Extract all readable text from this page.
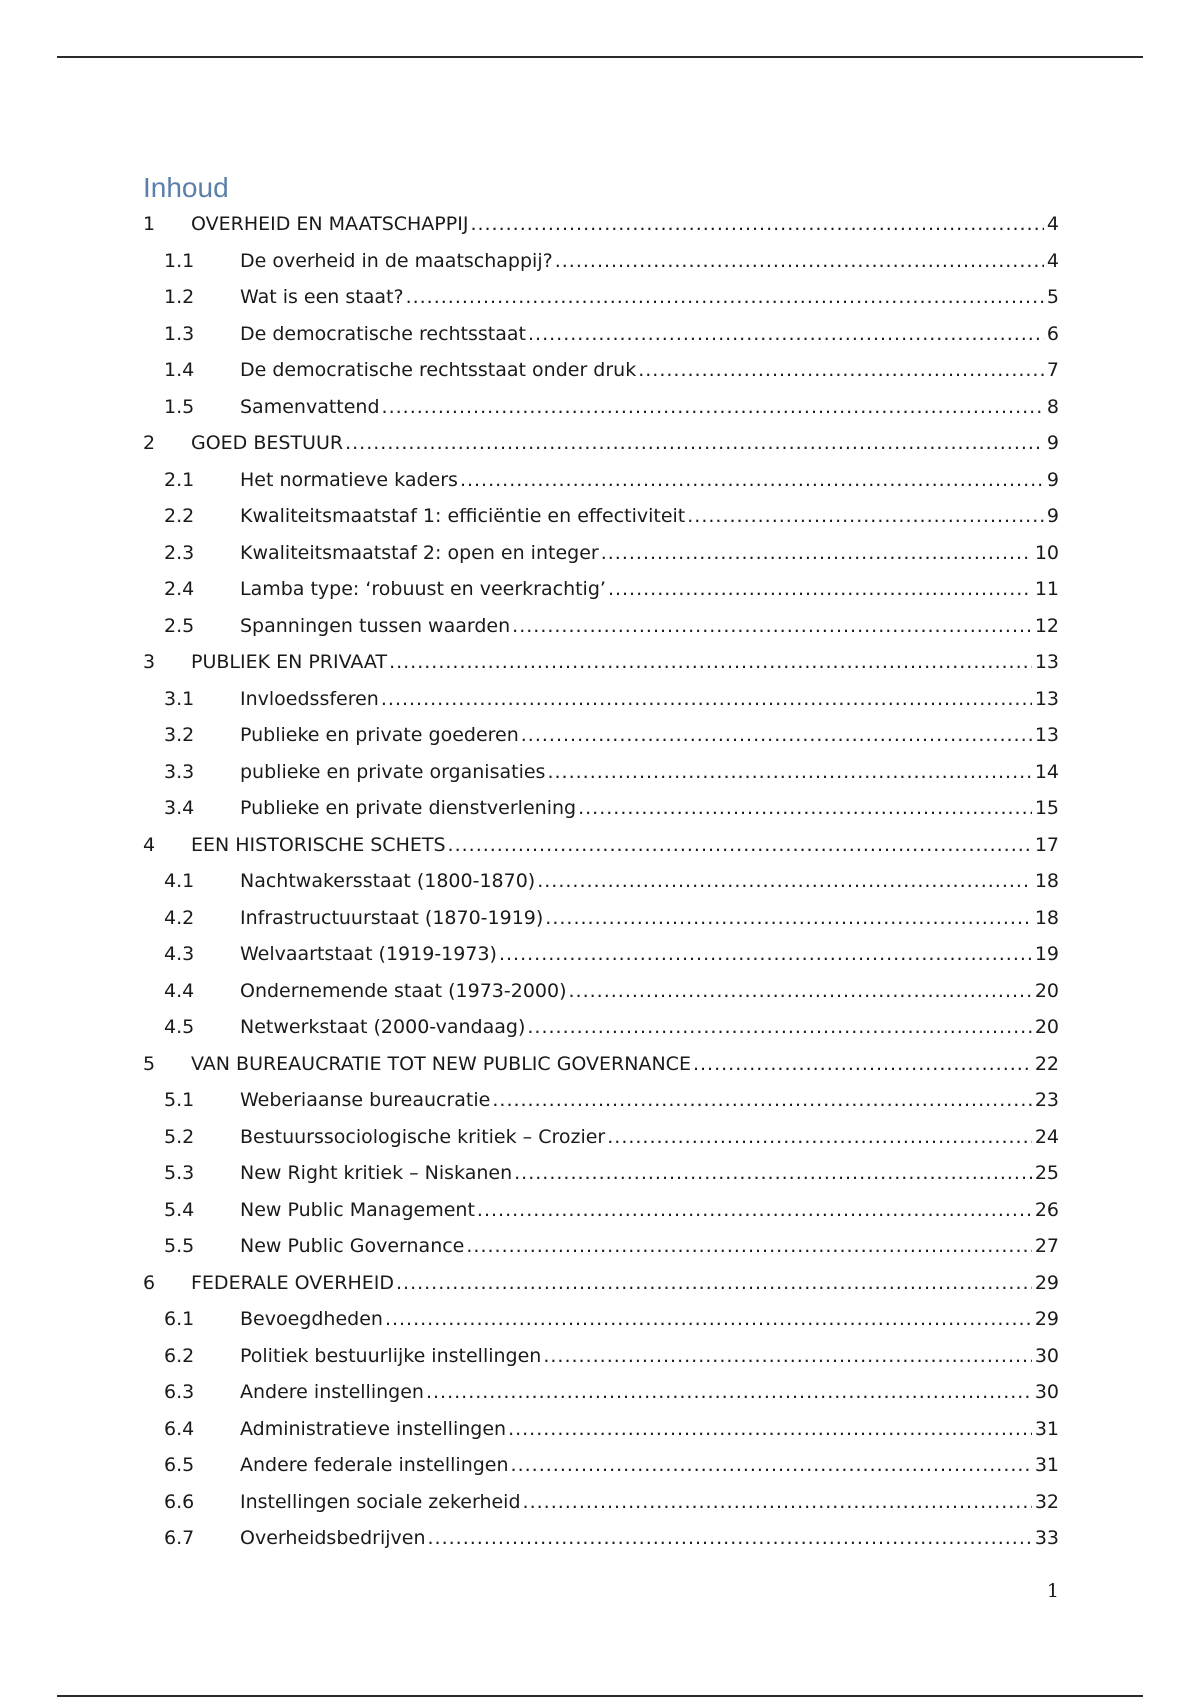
Inhoud
1	OVERHEID EN MAATSCHAPPIJ .....	4
1.1	De overheid in de maatschappij? .....	4
1.2	Wat is een staat? .....	5
1.3	De democratische rechtsstaat .....	6
1.4	De democratische rechtsstaat onder druk .....	7
1.5	Samenvattend .....	8
2	GOED BESTUUR .....	9
2.1	Het normatieve kaders .....	9
2.2	Kwaliteitsmaatstaf 1: efficiëntie en effectiviteit .....	9
2.3	Kwaliteitsmaatstaf 2: open en integer .....	10
2.4	Lamba type: ‘robuust en veerkrachtig’ .....	11
2.5	Spanningen tussen waarden .....	12
3	PUBLIEK EN PRIVAAT .....	13
3.1	Invloedssferen .....	13
3.2	Publieke en private goederen .....	13
3.3	publieke en private organisaties .....	14
3.4	Publieke en private dienstverlening .....	15
4	EEN HISTORISCHE SCHETS .....	17
4.1	Nachtwakersstaat (1800-1870) .....	18
4.2	Infrastructuurstaat (1870-1919) .....	18
4.3	Welvaartstaat (1919-1973) .....	19
4.4	Ondernemende staat (1973-2000) .....	20
4.5	Netwerkstaat (2000-vandaag) .....	20
5	VAN BUREAUCRATIE TOT NEW PUBLIC GOVERNANCE .....	22
5.1	Weberiaanse bureaucratie .....	23
5.2	Bestuurssociologische kritiek – Crozier .....	24
5.3	New Right kritiek – Niskanen .....	25
5.4	New Public Management .....	26
5.5	New Public Governance .....	27
6	FEDERALE OVERHEID .....	29
6.1	Bevoegdheden .....	29
6.2	Politiek bestuurlijke instellingen .....	30
6.3	Andere instellingen .....	30
6.4	Administratieve instellingen .....	31
6.5	Andere federale instellingen .....	31
6.6	Instellingen sociale zekerheid .....	32
6.7	Overheidsbedrijven .....	33
1
